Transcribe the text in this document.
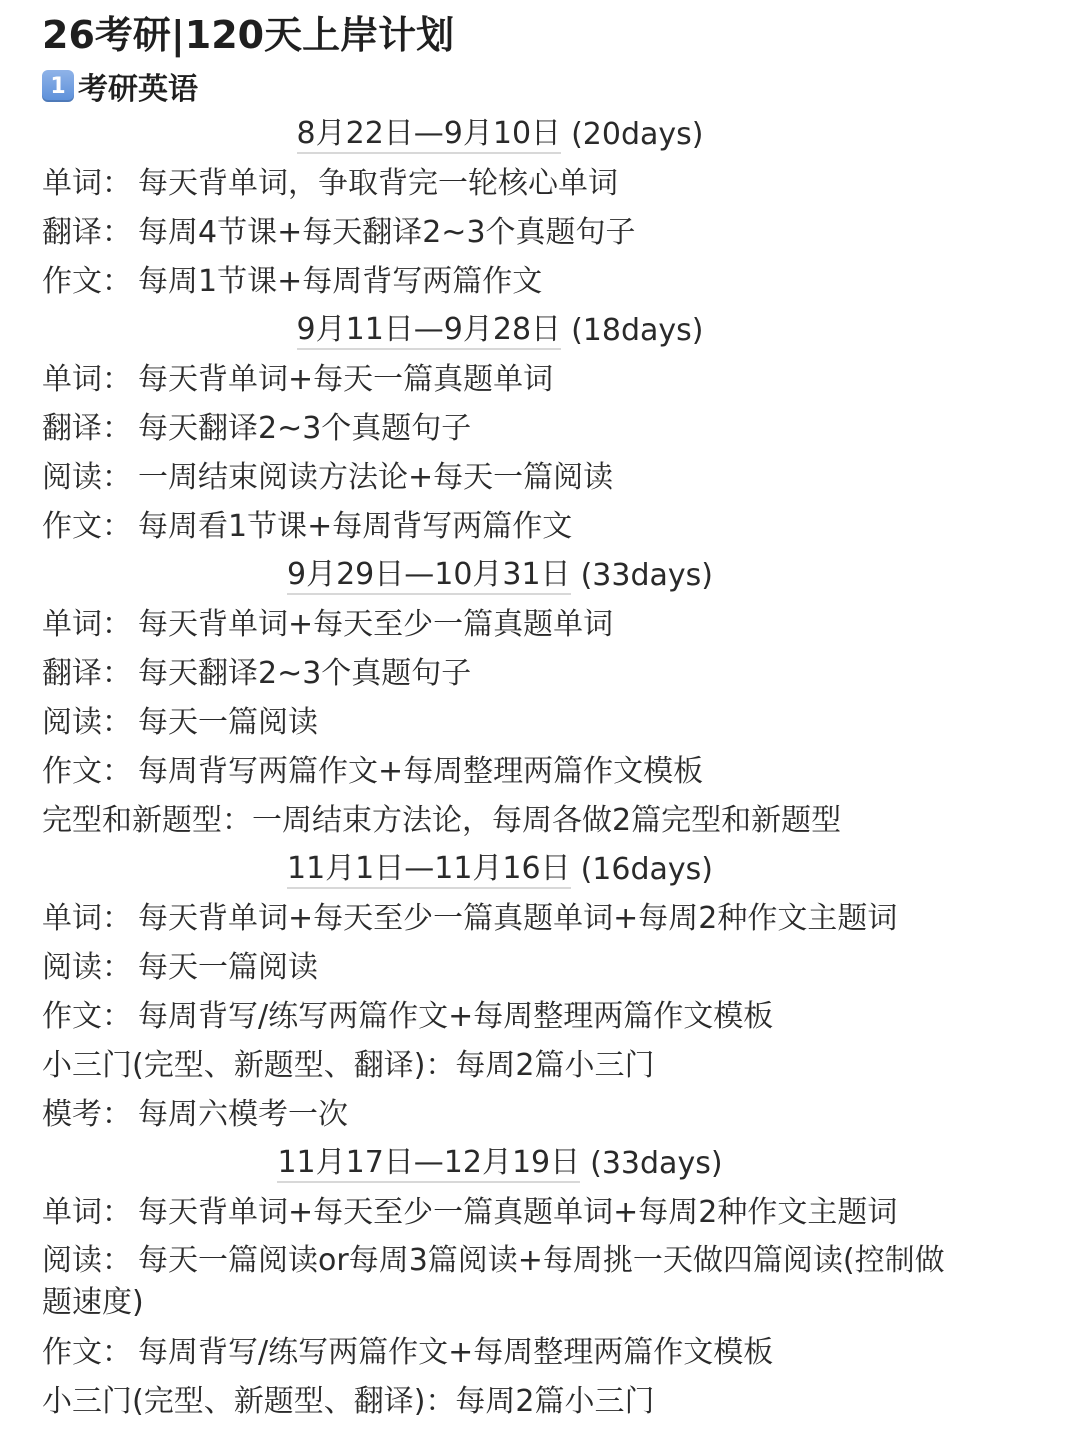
26考研|120天上岸计划
1 考研英语
8月22日—9月10日 (20days)
单词： 每天背单词，争取背完一轮核心单词
翻译： 每周4节课+每天翻译2~3个真题句子
作文： 每周1节课+每周背写两篇作文
9月11日—9月28日 (18days)
单词： 每天背单词+每天一篇真题单词
翻译： 每天翻译2~3个真题句子
阅读： 一周结束阅读方法论+每天一篇阅读
作文： 每周看1节课+每周背写两篇作文
9月29日—10月31日 (33days)
单词： 每天背单词+每天至少一篇真题单词
翻译： 每天翻译2~3个真题句子
阅读： 每天一篇阅读
作文： 每周背写两篇作文+每周整理两篇作文模板
完型和新题型：一周结束方法论，每周各做2篇完型和新题型
11月1日—11月16日 (16days)
单词： 每天背单词+每天至少一篇真题单词+每周2种作文主题词
阅读： 每天一篇阅读
作文： 每周背写/练写两篇作文+每周整理两篇作文模板
小三门(完型、新题型、翻译)：每周2篇小三门
模考： 每周六模考一次
11月17日—12月19日 (33days)
单词： 每天背单词+每天至少一篇真题单词+每周2种作文主题词
阅读： 每天一篇阅读or每周3篇阅读+每周挑一天做四篇阅读(控制做题速度)
作文： 每周背写/练写两篇作文+每周整理两篇作文模板
小三门(完型、新题型、翻译)：每周2篇小三门
